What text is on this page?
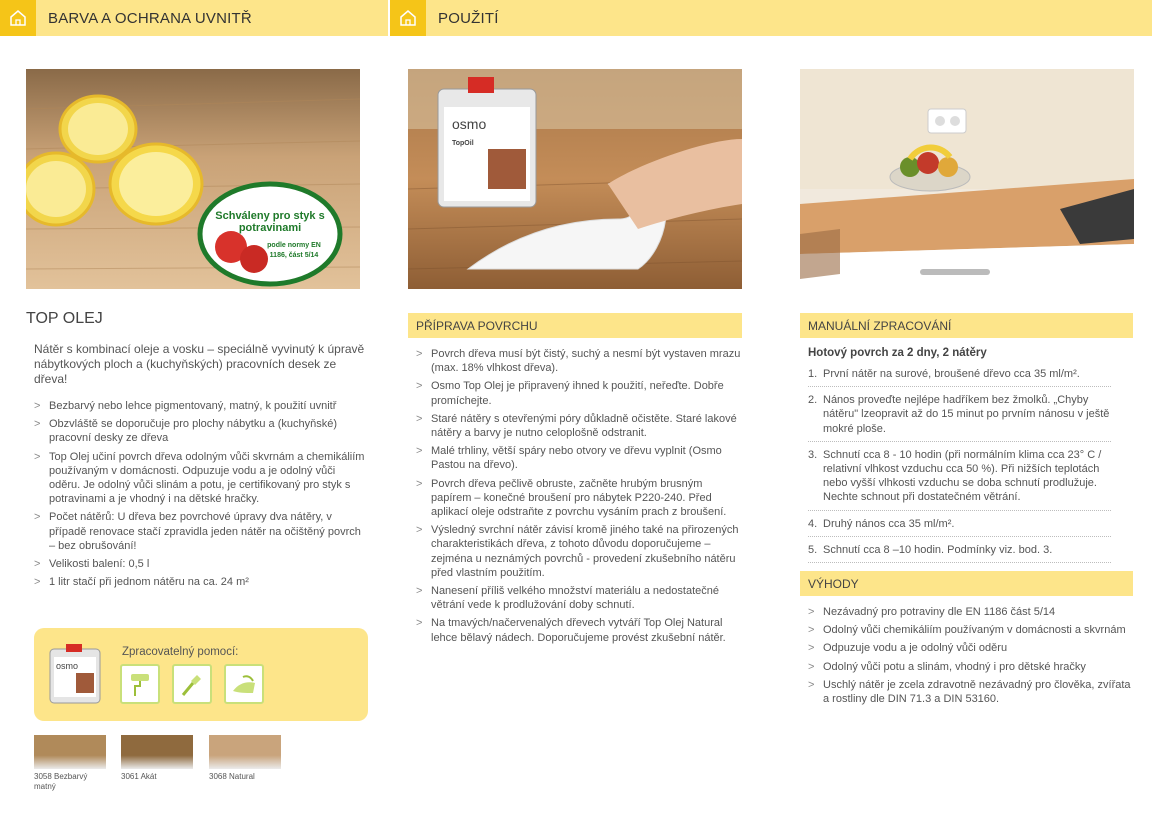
BARVA A OCHRANA UVNITŘ	POUŽITÍ
Schváleny pro styk s
potravinami
podle normy EN
1186, část 5/14
osmo
TopOil
TOP OLEJ

Nátěr s kombinací oleje a vosku – speciálně vyvinutý k úpravě nábytkových ploch a (kuchyňských) pracovních desek ze dřeva!

> Bezbarvý nebo lehce pigmentovaný, matný, k použití uvnitř
> Obzvláště se doporučuje pro plochy nábytku a (kuchyňské) pracovní desky ze dřeva
> Top Olej učiní povrch dřeva odolným vůči skvrnám a chemikáliím používaným v domácnosti. Odpuzuje vodu a je odolný vůči oděru. Je odolný vůči slinám a potu, je certifikovaný pro styk s potravinami a je vhodný i na dětské hračky.
> Počet nátěrů: U dřeva bez povrchové úpravy dva nátěry, v případě renovace stačí zpravidla jeden nátěr na očištěný povrch – bez obrušování!
> Velikosti balení: 0,5 l
> 1 litr stačí při jednom nátěru na ca. 24 m²
osmo
Zpracovatelný pomocí:
3058 Bezbarvý matný
3061 Akát	3068 Natural
PŘÍPRAVA POVRCHU
> Povrch dřeva musí být čistý, suchý a nesmí být vystaven mrazu (max. 18% vlhkost dřeva).
> Osmo Top Olej je připravený ihned k použití, neřeďte. Dobře promíchejte.
> Staré nátěry s otevřenými póry důkladně očistěte. Staré lakové nátěry a barvy je nutno celoplošně odstranit.
> Malé trhliny, větší spáry nebo otvory ve dřevu vyplnit (Osmo Pastou na dřevo).
> Povrch dřeva pečlivě obruste, začněte hrubým brusným papírem – konečné broušení pro nábytek P220-240. Před aplikací oleje odstraňte z povrchu vysáním prach z broušení.
> Výsledný svrchní nátěr závisí kromě jiného také na přirozených charakteristikách dřeva, z tohoto důvodu doporučujeme – zejména u neznámých povrchů - provedení zkušebního nátěru před vlastním použitím.
> Nanesení příliš velkého množství materiálu a nedostatečné větrání vede k prodlužování doby schnutí.
> Na tmavých/načervenalých dřevech vytváří Top Olej Natural lehce bělavý nádech. Doporučujeme provést zkušební nátěr.
MANUÁLNÍ ZPRACOVÁNÍ
Hotový povrch za 2 dny, 2 nátěry
1. První nátěr na surové, broušené dřevo cca 35 ml/m².
2. Nános proveďte nejlépe hadříkem bez žmolků. „Chyby nátěru" lzeopravit až do 15 minut po prvním nánosu v ještě mokré ploše.
3. Schnutí cca 8 - 10 hodin (při normálním klima cca 23° C / relativní vlhkost vzduchu cca 50 %). Při nižších teplotách nebo vyšší vlhkosti vzduchu se doba schnutí prodlužuje. Nechte schnout při dostatečném větrání.
4. Druhý nános cca 35 ml/m².
5. Schnutí cca 8 –10 hodin. Podmínky viz. bod. 3.
VÝHODY
> Nezávadný pro potraviny dle EN 1186 část 5/14
> Odolný vůči chemikáliím používaným v domácnosti a skvrnám
> Odpuzuje vodu a je odolný vůči oděru
> Odolný vůči potu a slinám, vhodný i pro dětské hračky
> Uschlý nátěr je zcela zdravotně nezávadný pro člověka, zvířata a rostliny dle DIN 71.3 a DIN 53160.
